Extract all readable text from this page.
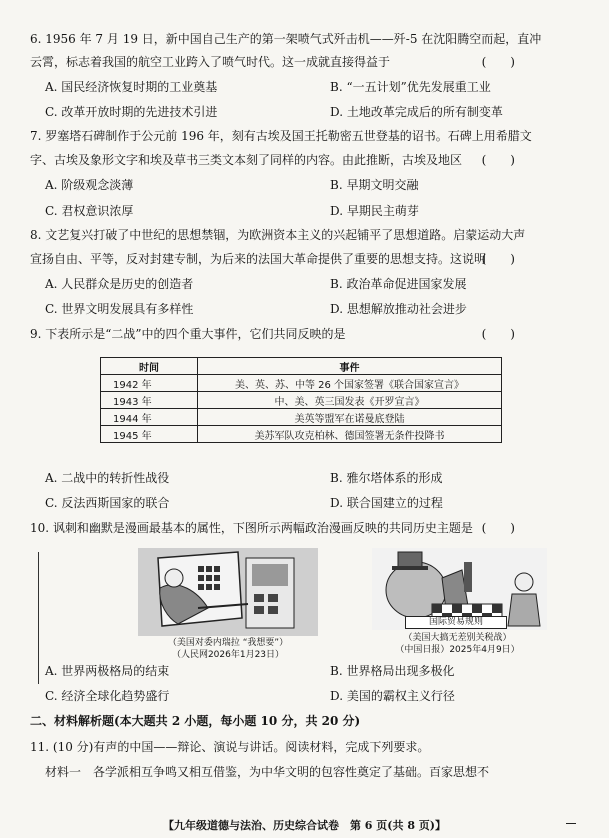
6. 1956 年 7 月 19 日，新中国自己生产的第一架喷气式歼击机——歼-5 在沈阳腾空而起，直冲
云霄，标志着我国的航空工业跨入了喷气时代。这一成就直接得益于	(　　)
A. 国民经济恢复时期的工业奠基	B. “一五计划”优先发展重工业
C. 改革开放时期的先进技术引进	D. 土地改革完成后的所有制变革
7. 罗塞塔石碑制作于公元前 196 年，刻有古埃及国王托勒密五世登基的诏书。石碑上用希腊文
字、古埃及象形文字和埃及草书三类文本刻了同样的内容。由此推断，古埃及地区 (　　)
A. 阶级观念淡薄	B. 早期文明交融
C. 君权意识浓厚	D. 早期民主萌芽
8. 文艺复兴打破了中世纪的思想禁锢，为欧洲资本主义的兴起铺平了思想道路。启蒙运动大声
宣扬自由、平等，反对封建专制，为后来的法国大革命提供了重要的思想支持。这说明
(　　)
A. 人民群众是历史的创造者	B. 政治革命促进国家发展
C. 世界文明发展具有多样性	D. 思想解放推动社会进步
9. 下表所示是“二战”中的四个重大事件，它们共同反映的是	(　　)
时间	事件
1942 年	美、英、苏、中等 26 个国家签署《联合国家宣言》
1943 年	中、美、英三国发表《开罗宣言》
1944 年	美英等盟军在诺曼底登陆
1945 年	美苏军队攻克柏林、德国签署无条件投降书
A. 二战中的转折性战役	B. 雅尔塔体系的形成
C. 反法西斯国家的联合	D. 联合国建立的过程
10. 讽刺和幽默是漫画最基本的属性，下图所示两幅政治漫画反映的共同历史主题是 (　　)
（美国对委内瑞拉 “我想要”）
（人民网2026年1月23日）
国际贸易规则
（美国大搞无差别关税战）
（中国日报）2025年4月9日）
A. 世界两极格局的结束	B. 世界格局出现多极化
C. 经济全球化趋势盛行	D. 美国的霸权主义行径
二、材料解析题(本大题共 2 小题，每小题 10 分，共 20 分)
11. (10 分)有声的中国——辩论、演说与讲话。阅读材料，完成下列要求。
材料一　各学派相互争鸣又相互借鉴，为中华文明的包容性奠定了基础。百家思想不
【九年级道德与法治、历史综合试卷　第 6 页(共 8 页)】
